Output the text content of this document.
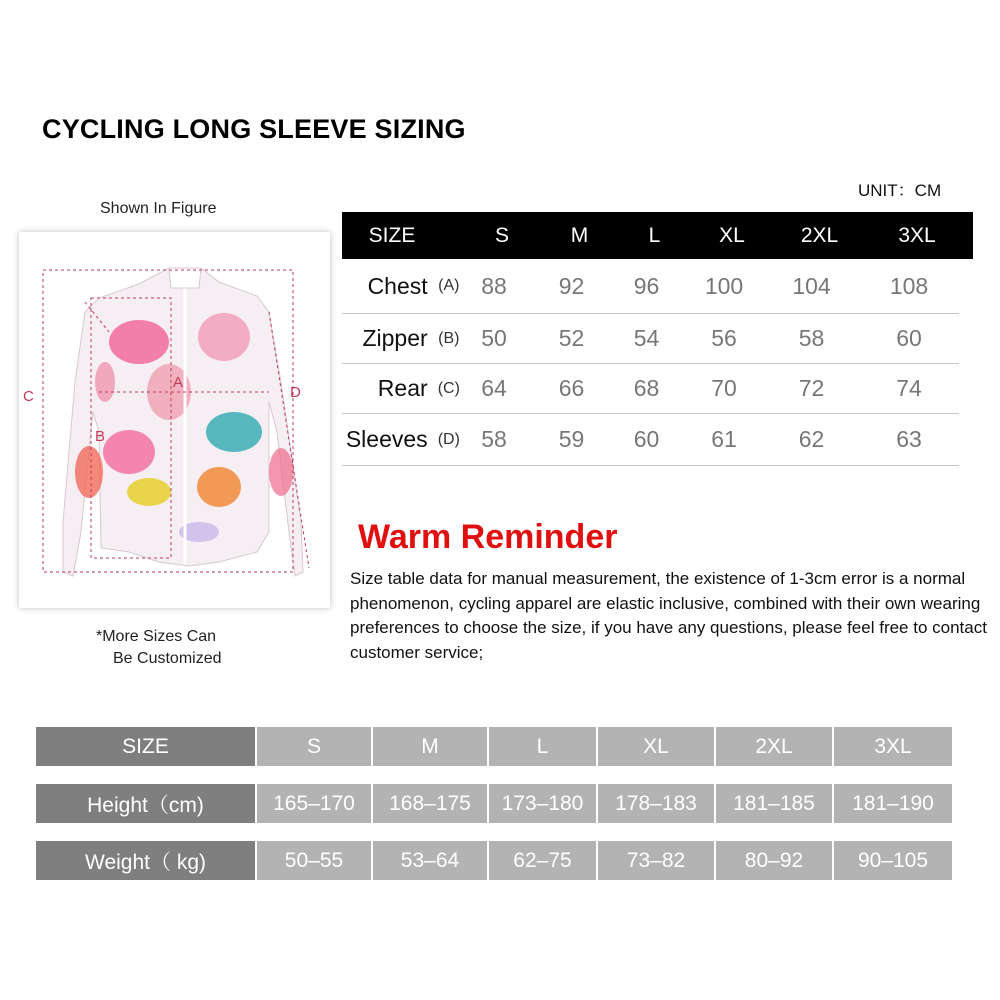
CYCLING LONG SLEEVE SIZING
UNIT：CM
Shown In Figure
A
B
C	D
*More Sizes Can
Be Customized
SIZE	S	M	L	XL	2XL	3XL
Chest (A) 88	92	96	100	104	108
Zipper (B) 50	52	54	56	58	60
Rear (C) 64	66	68	70	72	74
Sleeves (D) 58	59	60	61	62	63
Warm Reminder
Size table data for manual measurement, the existence of 1-3cm error is a normal phenomenon, cycling apparel are elastic inclusive, combined with their own wearing preferences to choose the size, if you have any questions, please feel free to contact customer service;
SIZE	S	M	L	XL	2XL	3XL
Height（cm)	165–170	168–175	173–180	178–183	181–185	181–190
Weight（ kg)	50–55	53–64	62–75	73–82	80–92	90–105
